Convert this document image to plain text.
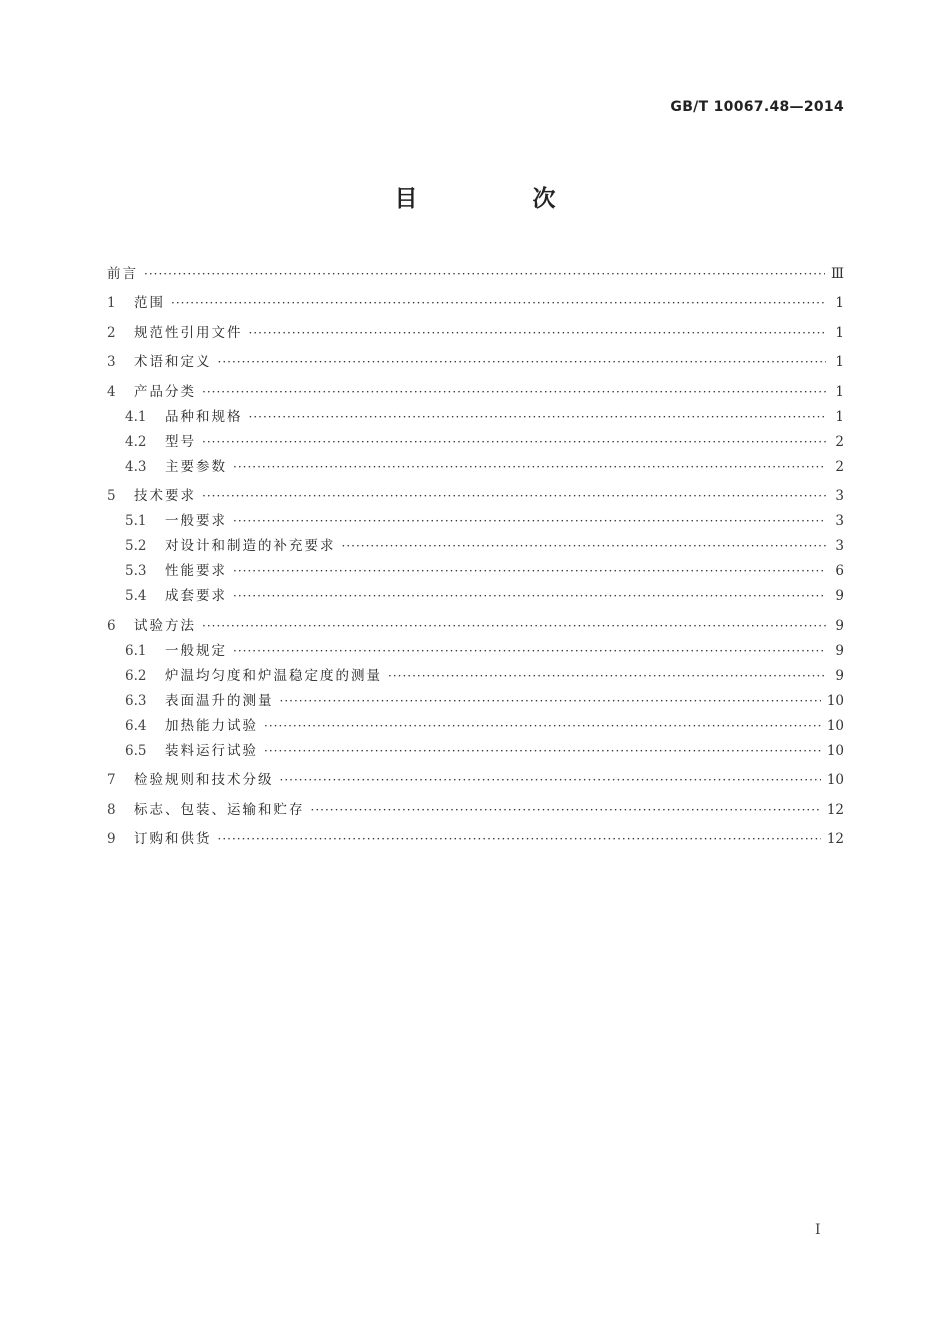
GB/T 10067.48—2014
目　次
前言 ·····	Ⅲ
1	范围 ·····	1
2	规范性引用文件 ·····	1
3	术语和定义 ·····	1
4	产品分类 ·····	1
4.1	品种和规格 ·····	1
4.2	型号 ·····	2
4.3	主要参数 ·····	2
5	技术要求 ·····	3
5.1	一般要求 ·····	3
5.2	对设计和制造的补充要求 ·····	3
5.3	性能要求 ·····	6
5.4	成套要求 ·····	9
6	试验方法 ·····	9
6.1	一般规定 ·····	9
6.2	炉温均匀度和炉温稳定度的测量 ·····	9
6.3	表面温升的测量 ·····	10
6.4	加热能力试验 ·····	10
6.5	装料运行试验 ·····	10
7	检验规则和技术分级 ·····	10
8	标志、包装、运输和贮存 ·····	12
9	订购和供货 ·····	12
I
